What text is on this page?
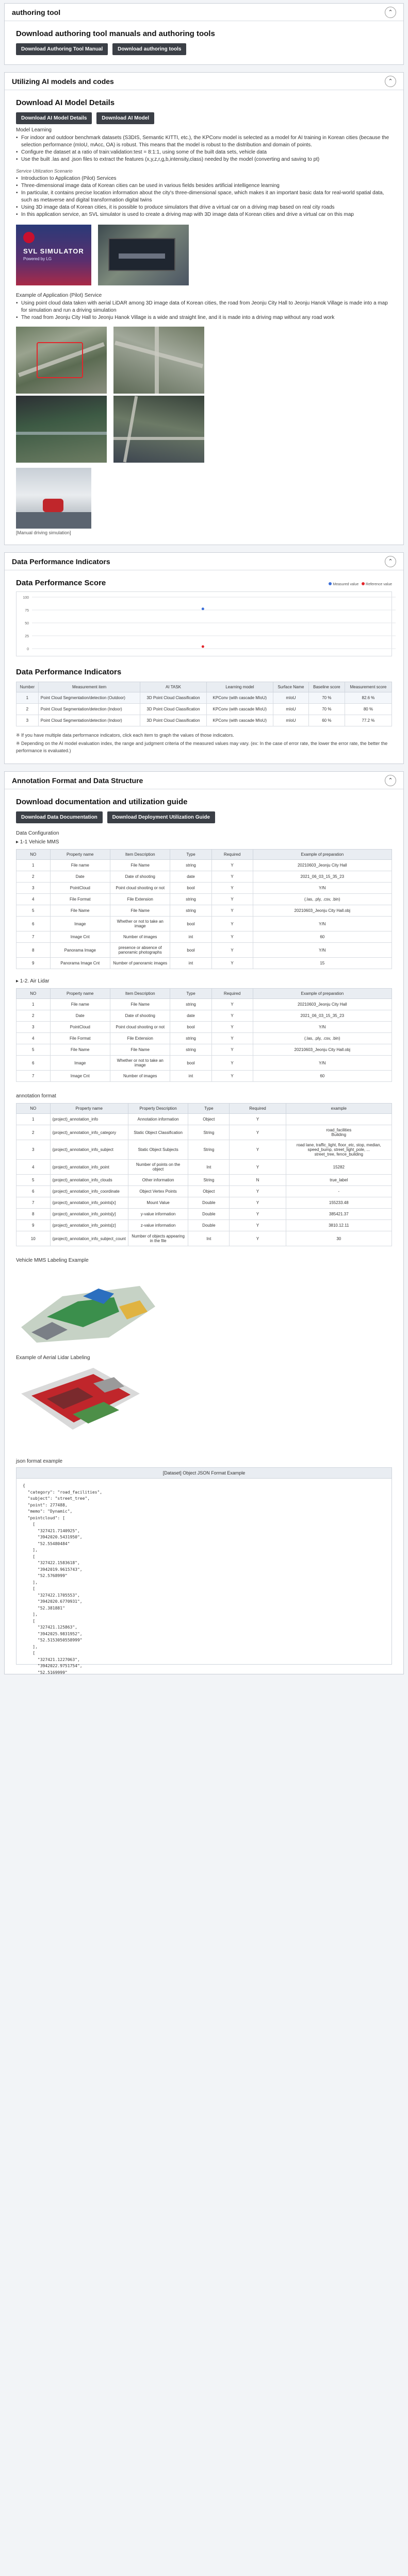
authoring tool	⌃
Download authoring tool manuals and authoring tools
Download Authoring Tool Manual	Download authoring tools
Utilizing AI models and codes	⌃
Download AI Model Details
Download AI Model Details	Download AI Model
Model Learning
• For indoor and outdoor benchmark datasets (S3DIS, Semantic KITTI, etc.), the KPConv model is selected as a model for AI training in Korean cities (because the selection performance (mIoU, mAcc, OA) is robust. This means that the model is robust to the distribution and domain of points.
• Configure the dataset at a ratio of train:validation:test = 8:1:1, using some of the built data sets, vehicle data
• Use the built .las and .json files to extract the features (x,y,z,r,g,b,intensity,class) needed by the model (converting and saving to pt)
Service Utilization Scenario
• Introduction to Application (Pilot) Services
• Three-dimensional image data of Korean cities can be used in various fields besides artificial intelligence learning
• In particular, it contains precise location information about the city's three-dimensional space, which makes it an important basic data for real-world spatial data, such as metaverse and digital transformation digital twins
• Using 3D image data of Korean cities, it is possible to produce simulators that drive a virtual car on a driving map based on real city roads
• In this application service, an SVL simulator is used to create a driving map with 3D image data of Korean cities and drive a virtual car on this map
SVL SIMULATOR
Powered by LG

Example of Application (Pilot) Service
• Using point cloud data taken with aerial LiDAR among 3D image data of Korean cities, the road from Jeonju City Hall to Jeonju Hanok Village is made into a map for simulation and run a driving simulation
• The road from Jeonju City Hall to Jeonju Hanok Village is a wide and straight line, and it is made into a driving map without any road work

[Manual driving simulation]
Data Performance Indicators	⌃
Data Performance Score	Measured value Reference value
0
25
50
75
100
Data Performance Indicators
Number	Measurement item	AI TASK	Learning model	Surface Name	Baseline score	Measurement score
1	Point Cloud Segmentation/detection (Outdoor)	3D Point Cloud Classification	KPConv (with cascade MIoU)	mIoU	70 %	82.6 %
2	Point Cloud Segmentation/detection (Indoor)	3D Point Cloud Classification	KPConv (with cascade MIoU)	mIoU	70 %	80 %
3	Point Cloud Segmentation/detection (Indoor)	3D Point Cloud Classification	KPConv (with cascade MIoU)	mIoU	60 %	77.2 %
※ If you have multiple data performance indicators, click each item to graph the values of those indicators.
※ Depending on the AI model evaluation index, the range and judgment criteria of the measured values may vary. (ex: In the case of error rate, the lower the error rate, the better the performance is evaluated.)
Annotation Format and Data Structure	⌃
Download documentation and utilization guide
Download Data Documentation	Download Deployment Utilization Guide
Data Configuration
▸ 1-1 Vehicle MMS
NO	Property name	Item Description	Type	Required	Example of preparation
1	File name	File Name	string	Y	20210603_Jeonju City Hall
2	Date	Date of shooting	date	Y	2021_06_03_15_35_23
3	PointCloud	Point cloud shooting or not	bool	Y	Y/N
4	File Format	File Extension	string	Y	(.las, .ply, .csv, .bin)
5	File Name	File Name	string	Y	20210603_Jeonju City Hall.obj
6	Image	Whether or not to take an image	bool	Y	Y/N
7	Image Cnt	Number of images	int	Y	60
8	Panorama Image	presence or absence of panoramic photographs	bool	Y	Y/N
9	Panorama Image Cnt	Number of panoramic images	int	Y	15
▸ 1-2. Air Lidar
NO	Property name	Item Description	Type	Required	Example of preparation
1	File name	File Name	string	Y	20210603_Jeonju City Hall
2	Date	Date of shooting	date	Y	2021_06_03_15_35_23
3	PointCloud	Point cloud shooting or not	bool	Y	Y/N
4	File Format	File Extension	string	Y	(.las, .ply, .csv, .bin)
5	File Name	File Name	string	Y	20210603_Jeonju City Hall.obj
6	Image	Whether or not to take an image	bool	Y	Y/N
7	Image Cnt	Number of images	int	Y	60
annotation format
NO	Property name	Property Description	Type	Required	example
1	(project)_annotation_info	Annotation information	Object	Y	
2	(project)_annotation_info_category	Static Object Classification	String	Y	road_facilities
Building
3	(project)_annotation_info_subject	Static Object Subjects	String	Y	road lane, traffic_light, floor_etc, stop, median, speed_bump, street_light_pole, ...
street_tree, fence_building
4	(project)_annotation_info_point	Number of points on the object	Int	Y	15282
5	(project)_annotation_info_clouds	Other information	String	N	true_label
6	(project)_annotation_info_coordinate	Object Vertex Points	Object	Y	-
7	(project)_annotation_info_points[x]	Mount Value	Double	Y	155233.48
8	(project)_annotation_info_points[y]	y-value information	Double	Y	385421.37
9	(project)_annotation_info_points[z]	z-value information	Double	Y	3810.12.11
10	(project)_annotation_info_subject_count	Number of objects appearing in the file	Int	Y	30
Vehicle MMS Labeling Example
Example of Aerial Lidar Labeling
json format example
[Dataset] Object JSON Format Example
{
"category": "road_facilities",
"subject": "street_tree",
"point": 277488,
"memo": "Dynamic",
"pointcloud": [
[
"327421.7140925",
"3942020.5431950",
"52.55480484"
],
[
"327422.1583618",
"3942019.9615743",
"52.5768999"
],
[
"327422.1705553",
"3942020.6770931",
"52.381881"
],
[
"327421.125863",
"3942025.9831952",
"52.5153050558999"
],
[
"327421.1227063",
"3942022.9751754",
"52.5169999"
